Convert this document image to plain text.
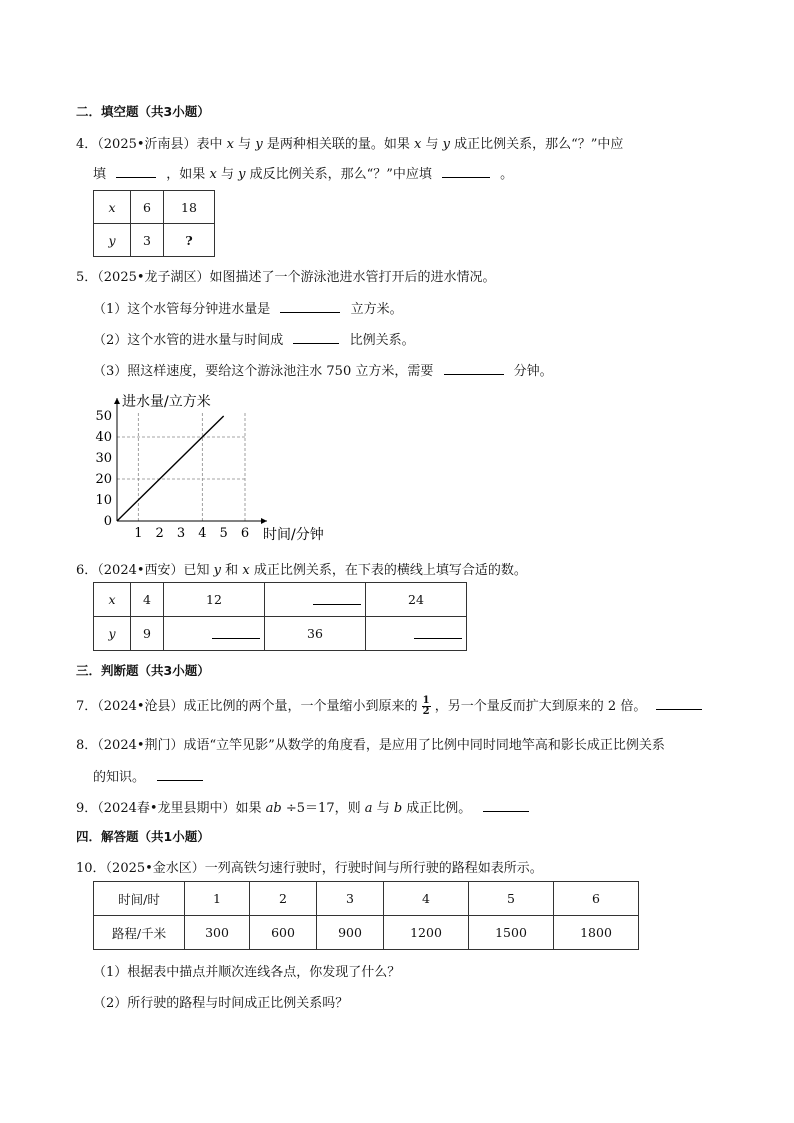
二．填空题（共3小题）
4．（2025•沂南县）表中 x 与 y 是两种相关联的量。如果 x 与 y 成正比例关系，那么“？”中应
填	，如果 x 与 y 成反比例关系，那么“？”中应填	。
x	6	18
y	3	?
5．（2025•龙子湖区）如图描述了一个游泳池进水管打开后的进水情况。
（1）这个水管每分钟进水量是	立方米。
（2）这个水管的进水量与时间成	比例关系。
（3）照这样速度，要给这个游泳池注水 750 立方米，需要	分钟。
1 2 3 4 5 6
0
10
20
30
40
50
时间/分钟
进水量/立方米
6．（2024•西安）已知 y 和 x 成正比例关系，在下表的横线上填写合适的数。
x	4	12		24
y	9		36	
三．判断题（共3小题）
7．（2024•沧县）成正比例的两个量，一个量缩小到原来的 $\frac{1}{2}$ ，另一个量反而扩大到原来的 2 倍。
8．（2024•荆门）成语“立竿见影”从数学的角度看，是应用了比例中同时同地竿高和影长成正比例关系
的知识。
9．（2024春•龙里县期中）如果 ab ÷5＝17，则 a 与 b 成正比例。
四．解答题（共1小题）
10．（2025•金水区）一列高铁匀速行驶时，行驶时间与所行驶的路程如表所示。
时间/时	1	2	3	4	5	6
路程/千米	300	600	900	1200	1500	1800
（1）根据表中描点并顺次连线各点，你发现了什么？
（2）所行驶的路程与时间成正比例关系吗？
